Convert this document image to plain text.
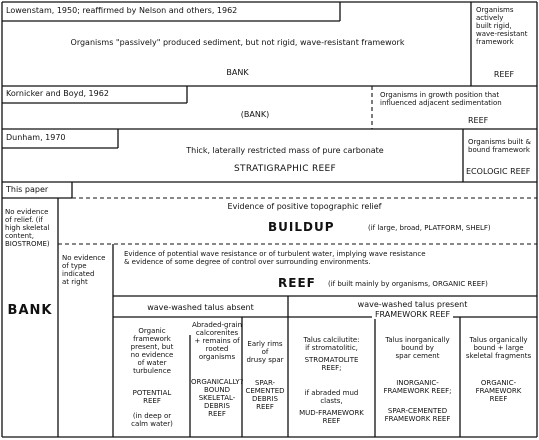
Lowenstam, 1950; reaffirmed by Nelson and others, 1962
Organisms "passively" produced sediment, but not rigid, wave-resistant framework
BANK
Organisms
actively
built rigid,
wave-resistant
framework
REEF
Kornicker and Boyd, 1962
(BANK)
Organisms in growth position that
influenced adjacent sedimentation
REEF
Dunham, 1970
Thick, laterally restricted mass of pure carbonate
STRATIGRAPHIC REEF
Organisms built &
bound framework
ECOLOGIC REEF
This paper
No evidence
of relief. (if
high skeletal
content,
BIOSTROME)
BANK
No evidence
of type
indicated
at right
Evidence of positive topographic relief
BUILDUP	(if large, broad, PLATFORM, SHELF)
Evidence of potential wave resistance or of turbulent water, implying wave resistance
& evidence of some degree of control over surrounding environments.
REEF (if built mainly by organisms, ORGANIC REEF)
wave-washed talus absent	wave-washed talus present
FRAMEWORK REEF
Organic
framework
present, but
no evidence
of water
turbulence
POTENTIAL
REEF
(in deep or
calm water)
Abraded-grain
calcorenites
+ remains of
rooted organisms
ORGANICALLY?
BOUND
SKELETAL-DEBRIS
REEF
Early rims
of
drusy spar
SPAR-
CEMENTED
DEBRIS
REEF
Talus calcilutite:
if stromatolitic,
STROMATOLITE
REEF;
if abraded mud
clasts,
MUD-FRAMEWORK
REEF
Talus inorganically
bound by
spar cement
INORGANIC-
FRAMEWORK REEF;
SPAR-CEMENTED
FRAMEWORK REEF
Talus organically
bound + large
skeletal fragments
ORGANIC-
FRAMEWORK
REEF
